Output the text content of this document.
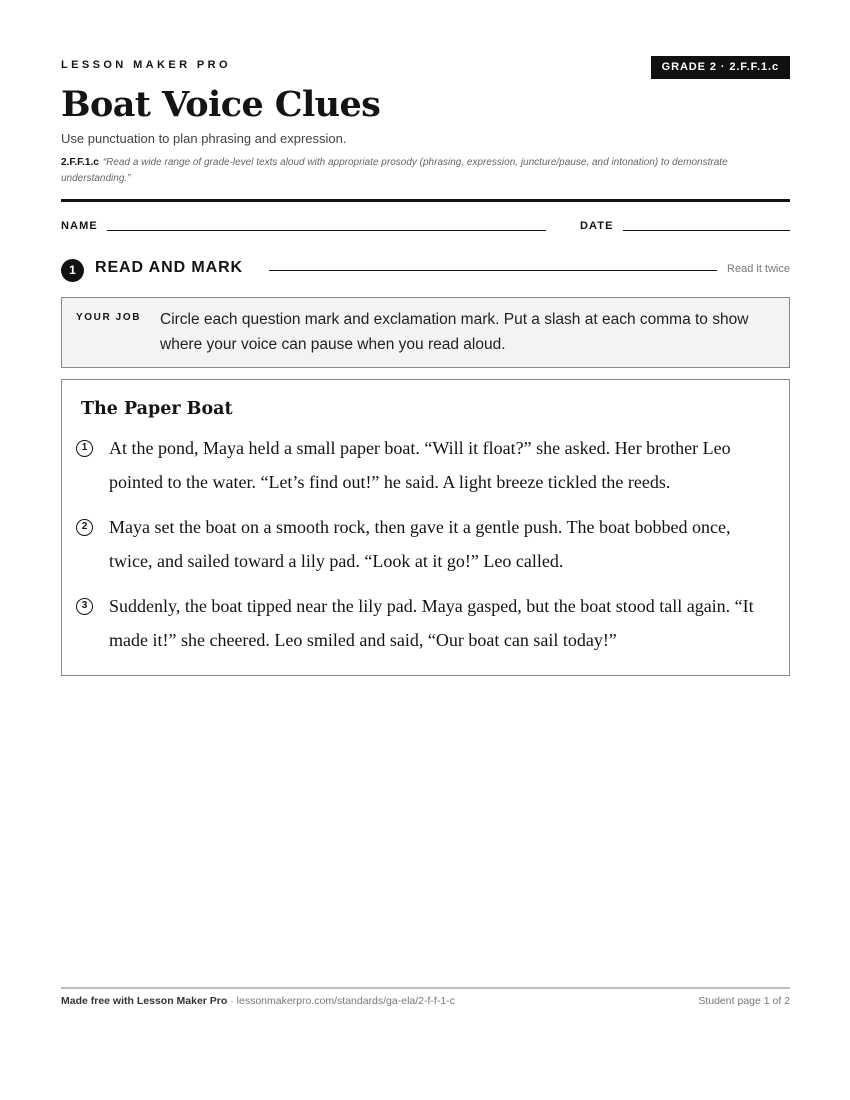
LESSON MAKER PRO	GRADE 2 · 2.F.F.1.c
Boat Voice Clues
Use punctuation to plan phrasing and expression.
2.F.F.1.c “Read a wide range of grade-level texts aloud with appropriate prosody (phrasing, expression, juncture/pause, and intonation) to demonstrate understanding.”
NAME	DATE
1	READ AND MARK	Read it twice
YOUR JOB Circle each question mark and exclamation mark. Put a slash at each comma to show where your voice can pause when you read aloud.
The Paper Boat
1	At the pond, Maya held a small paper boat. “Will it float?” she asked. Her brother Leo pointed to the water. “Let’s find out!” he said. A light breeze tickled the reeds.
2	Maya set the boat on a smooth rock, then gave it a gentle push. The boat bobbed once, twice, and sailed toward a lily pad. “Look at it go!” Leo called.
3	Suddenly, the boat tipped near the lily pad. Maya gasped, but the boat stood tall again. “It made it!” she cheered. Leo smiled and said, “Our boat can sail today!”
Made free with Lesson Maker Pro · lessonmakerpro.com/standards/ga-ela/2-f-f-1-c	Student page 1 of 2
